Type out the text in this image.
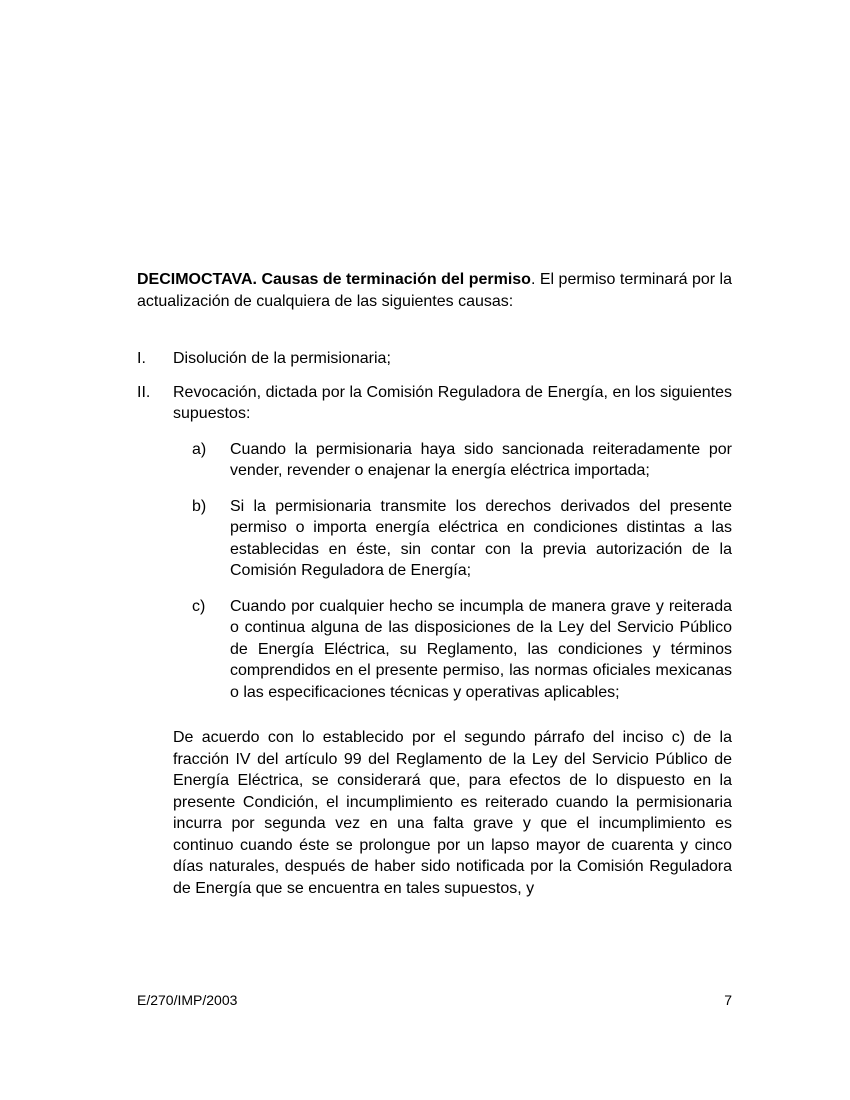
DECIMOCTAVA. Causas de terminación del permiso. El permiso terminará por la actualización de cualquiera de las siguientes causas:

I.	Disolución de la permisionaria;
II.	Revocación, dictada por la Comisión Reguladora de Energía, en los siguientes supuestos:
a)	Cuando la permisionaria haya sido sancionada reiteradamente por vender, revender o enajenar la energía eléctrica importada;
b)	Si la permisionaria transmite los derechos derivados del presente permiso o importa energía eléctrica en condiciones distintas a las establecidas en éste, sin contar con la previa autorización de la Comisión Reguladora de Energía;
c)	Cuando por cualquier hecho se incumpla de manera grave y reiterada o continua alguna de las disposiciones de la Ley del Servicio Público de Energía Eléctrica, su Reglamento, las condiciones y términos comprendidos en el presente permiso, las normas oficiales mexicanas o las especificaciones técnicas y operativas aplicables;

De acuerdo con lo establecido por el segundo párrafo del inciso c) de la fracción IV del artículo 99 del Reglamento de la Ley del Servicio Público de Energía Eléctrica, se considerará que, para efectos de lo dispuesto en la presente Condición, el incumplimiento es reiterado cuando la permisionaria incurra por segunda vez en una falta grave y que el incumplimiento es continuo cuando éste se prolongue por un lapso mayor de cuarenta y cinco días naturales, después de haber sido notificada por la Comisión Reguladora de Energía que se encuentra en tales supuestos, y

E/270/IMP/2003	7
